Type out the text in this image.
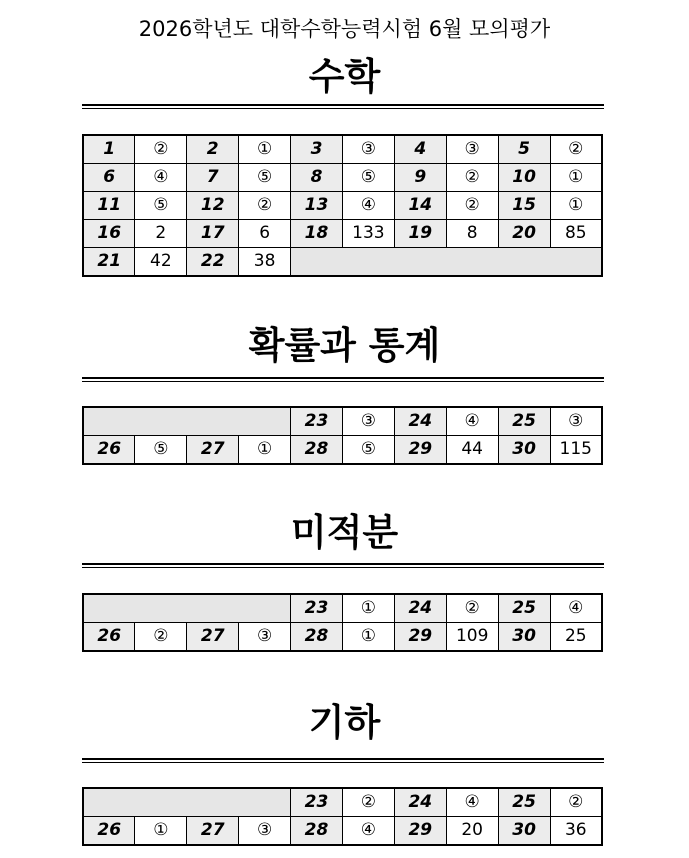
2026학년도 대학수학능력시험 6월 모의평가
수학
1	②	2	①	3	③	4	③	5	②
6	④	7	⑤	8	⑤	9	②	10	①
11	⑤	12	②	13	④	14	②	15	①
16	2	17	6	18	133	19	8	20	85
21	42	22	38						
확률과 통계
				23	③	24	④	25	③
26	⑤	27	①	28	⑤	29	44	30	115
미적분
				23	①	24	②	25	④
26	②	27	③	28	①	29	109	30	25
기하
				23	②	24	④	25	②
26	①	27	③	28	④	29	20	30	36
